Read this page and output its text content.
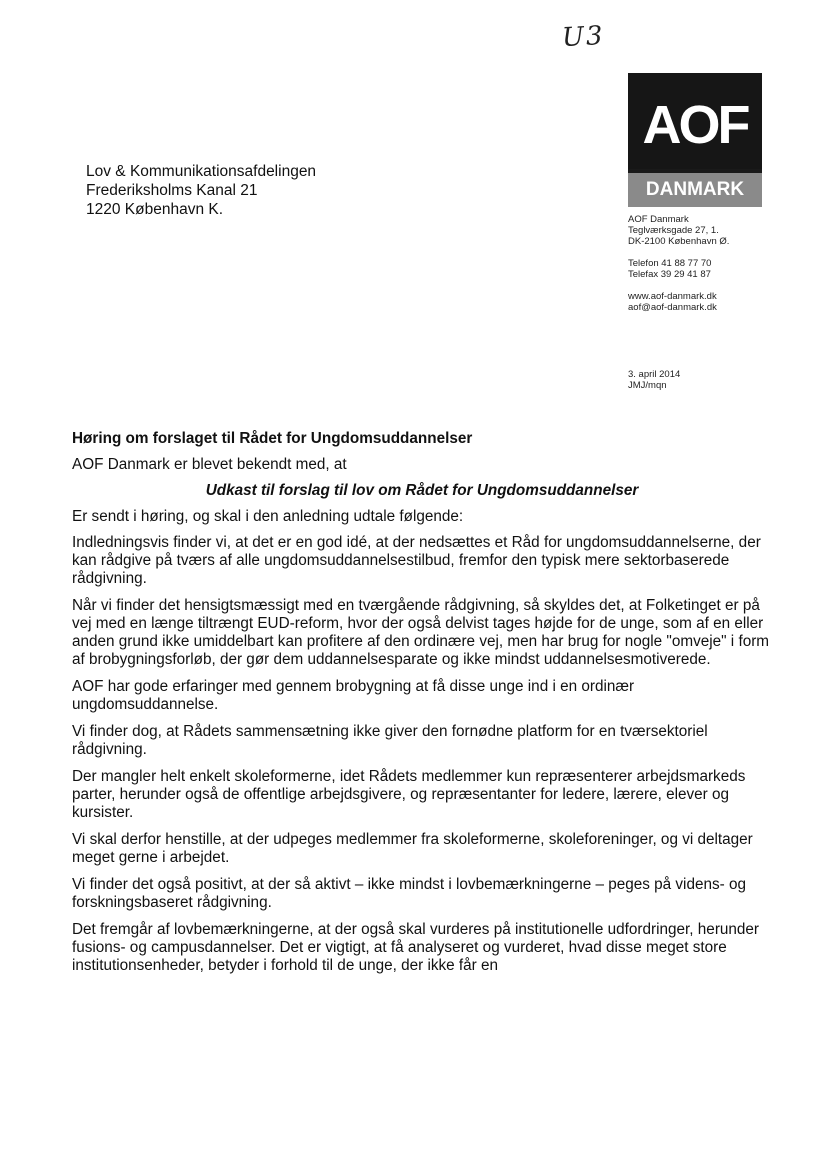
U3
AOF
DANMARK
Lov & Kommunikationsafdelingen
Frederiksholms Kanal 21
1220 København K.
AOF Danmark
Teglværksgade 27, 1.
DK-2100 København Ø.
Telefon 41 88 77 70
Telefax 39 29 41 87
www.aof-danmark.dk
aof@aof-danmark.dk
3. april 2014
JMJ/mqn
Høring om forslaget til Rådet for Ungdomsuddannelser
AOF Danmark er blevet bekendt med, at
Udkast til forslag til lov om Rådet for Ungdomsuddannelser
Er sendt i høring, og skal i den anledning udtale følgende:
Indledningsvis finder vi, at det er en god idé, at der nedsættes et Råd for ungdomsuddannelserne, der kan rådgive på tværs af alle ungdomsuddannelsestilbud, fremfor den typisk mere sektorbaserede rådgivning.
Når vi finder det hensigtsmæssigt med en tværgående rådgivning, så skyldes det, at Folketinget er på vej med en længe tiltrængt EUD-reform, hvor der også delvist tages højde for de unge, som af en eller anden grund ikke umiddelbart kan profitere af den ordinære vej, men har brug for nogle "omveje" i form af brobygningsforløb, der gør dem uddannelsesparate og ikke mindst uddannelsesmotiverede.
AOF har gode erfaringer med gennem brobygning at få disse unge ind i en ordinær ungdomsuddannelse.
Vi finder dog, at Rådets sammensætning ikke giver den fornødne platform for en tværsektoriel rådgivning.
Der mangler helt enkelt skoleformerne, idet Rådets medlemmer kun repræsenterer arbejdsmarkeds parter, herunder også de offentlige arbejdsgivere, og repræsentanter for ledere, lærere, elever og kursister.
Vi skal derfor henstille, at der udpeges medlemmer fra skoleformerne, skoleforeninger, og vi deltager meget gerne i arbejdet.
Vi finder det også positivt, at der så aktivt – ikke mindst i lovbemærkningerne – peges på videns- og forskningsbaseret rådgivning.
Det fremgår af lovbemærkningerne, at der også skal vurderes på institutionelle udfordringer, herunder fusions- og campusdannelser. Det er vigtigt, at få analyseret og vurderet, hvad disse meget store institutionsenheder, betyder i forhold til de unge, der ikke får en
